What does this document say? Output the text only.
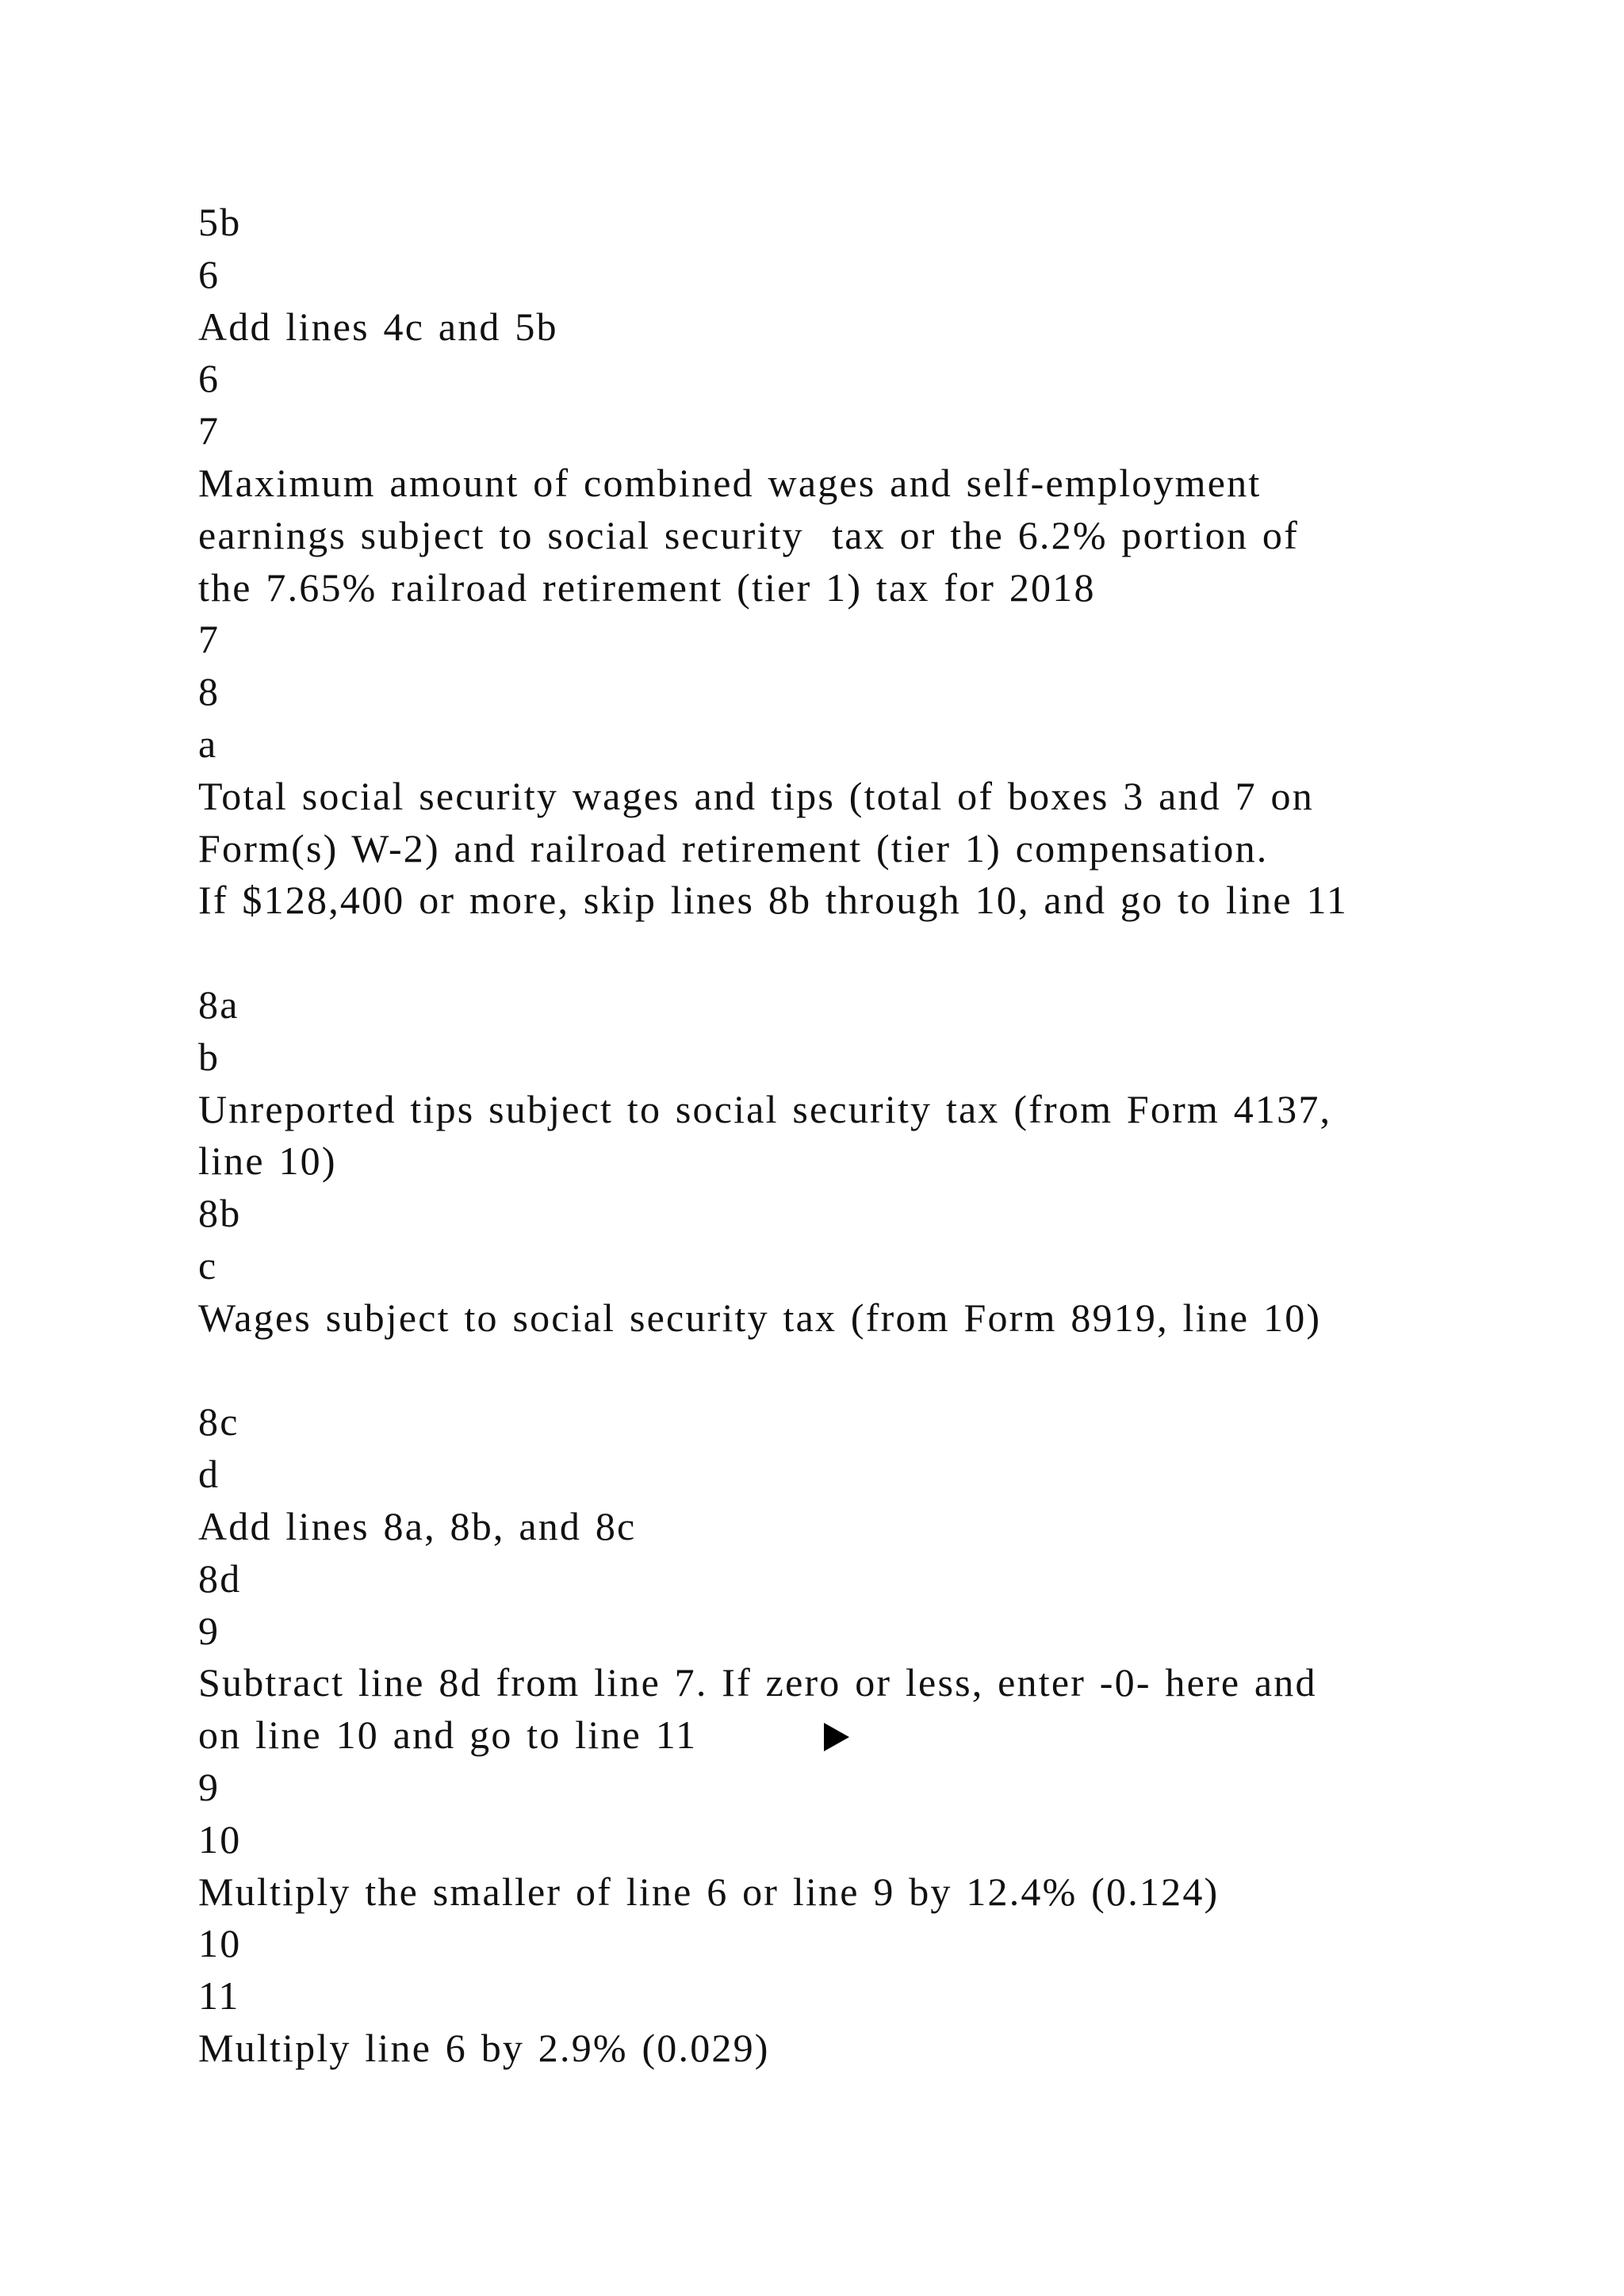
5b
6
Add lines 4c and 5b
6
7
Maximum amount of combined wages and self-employment
earnings subject to social security  tax or the 6.2% portion of
the 7.65% railroad retirement (tier 1) tax for 2018
7
8
a
Total social security wages and tips (total of boxes 3 and 7 on
Form(s) W-2) and railroad retirement (tier 1) compensation.
If $128,400 or more, skip lines 8b through 10, and go to line 11
8a
b
Unreported tips subject to social security tax (from Form 4137,
line 10)
8b
c
Wages subject to social security tax (from Form 8919, line 10)
8c
d
Add lines 8a, 8b, and 8c
8d
9
Subtract line 8d from line 7. If zero or less, enter -0- here and
on line 10 and go to line 11
9
10
Multiply the smaller of line 6 or line 9 by 12.4% (0.124)
10
11
Multiply line 6 by 2.9% (0.029)
